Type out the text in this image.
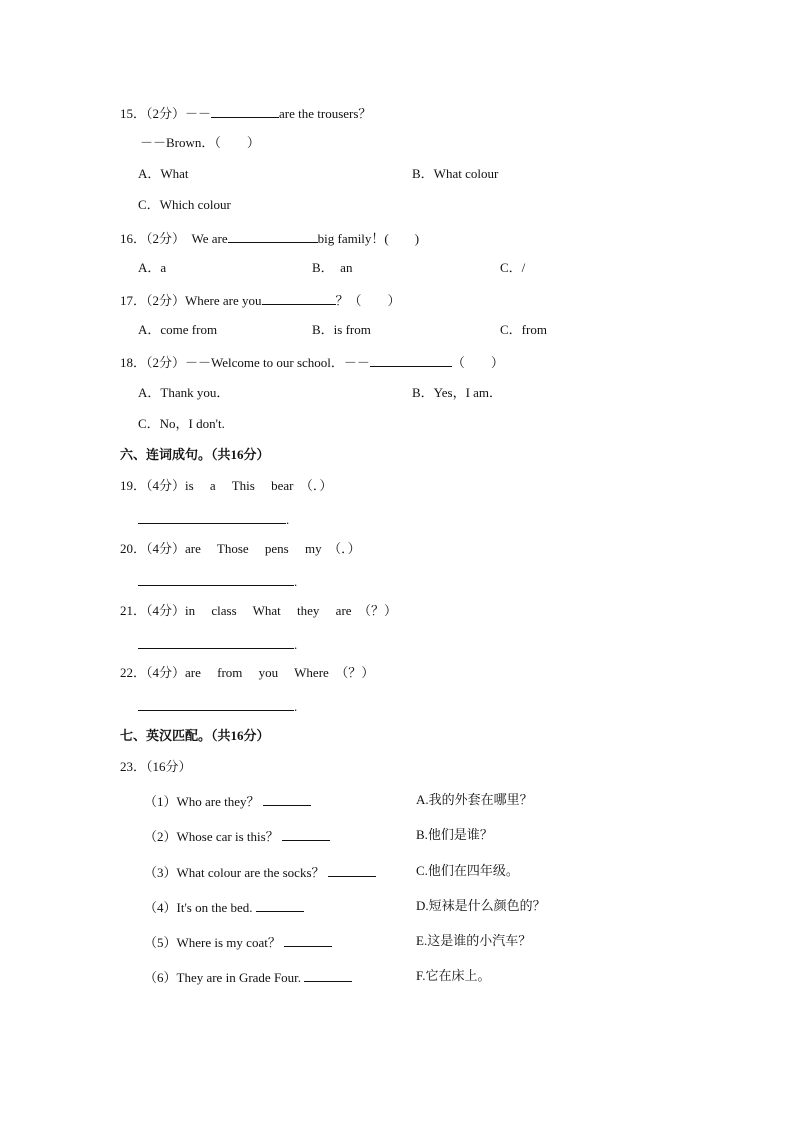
15．（2分）－－	are the trousers？
－－Brown．（　　）
A．What	B．What colour
C．Which colour
16．（2分）　We are	big family！(　　)
A．a	B．　an	C．/
17．（2分）Where are you	？（　　）
A．come from	B．is from	C．from
18．（2分）－－Welcome to our school．－－	（　　）
A．Thank you．	B．Yes，I am．
C．No，I don't.
六、连词成句。（共16分）
19．（4分）is　 a　 This　 bear　（．）
.
20．（4分）are　 Those　 pens　 my　（．）
.
21．（4分）in　 class　 What　 they　 are　（？）
.
22．（4分）are　 from　 you　 Where　（？）
.
七、英汉匹配。（共16分）
23．（16分）
（1）Who are they？	A.我的外套在哪里？
（2）Whose car is this？	B.他们是谁？
（3）What colour are the socks？	C.他们在四年级。
（4）It's on the bed.	D.短袜是什么颜色的？
（5）Where is my coat？	E.这是谁的小汽车？
（6）They are in Grade Four.	F.它在床上。
